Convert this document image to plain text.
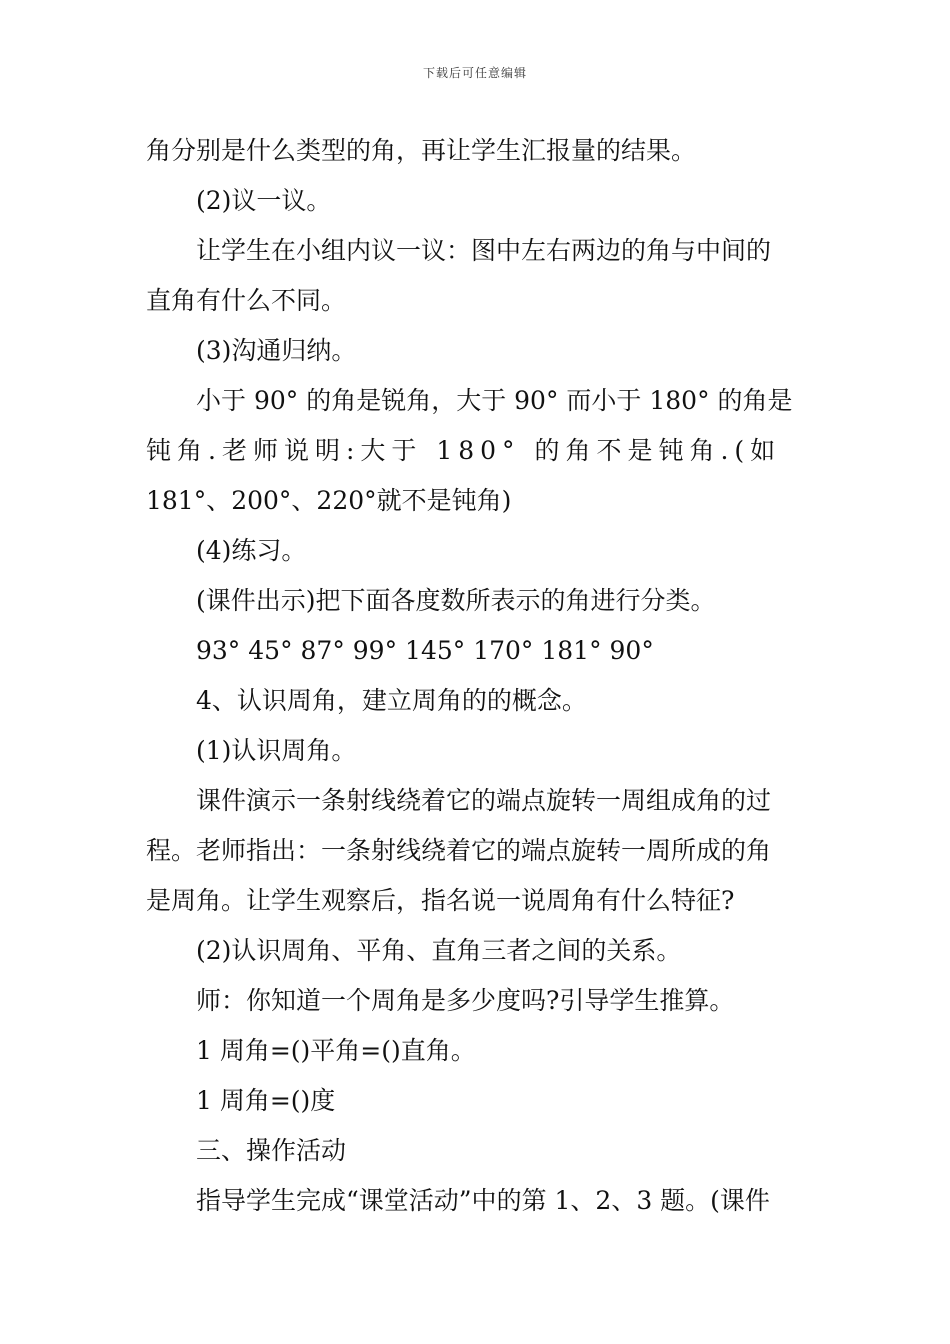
下载后可任意编辑
角分别是什么类型的角，再让学生汇报量的结果。
(2)议一议。
让学生在小组内议一议：图中左右两边的角与中间的
直角有什么不同。
(3)沟通归纳。
小于 90° 的角是锐角，大于 90° 而小于 180° 的角是
钝角.老师说明:大于 180° 的角不是钝角.(如
181°、200°、220°就不是钝角)
(4)练习。
(课件出示)把下面各度数所表示的角进行分类。
93° 45° 87° 99° 145° 170° 181° 90°
4、认识周角，建立周角的的概念。
(1)认识周角。
课件演示一条射线绕着它的端点旋转一周组成角的过
程。老师指出：一条射线绕着它的端点旋转一周所成的角
是周角。让学生观察后，指名说一说周角有什么特征?
(2)认识周角、平角、直角三者之间的关系。
师：你知道一个周角是多少度吗?引导学生推算。
1 周角=()平角=()直角。
1 周角=()度
三、操作活动
指导学生完成“课堂活动”中的第 1、2、3 题。(课件
